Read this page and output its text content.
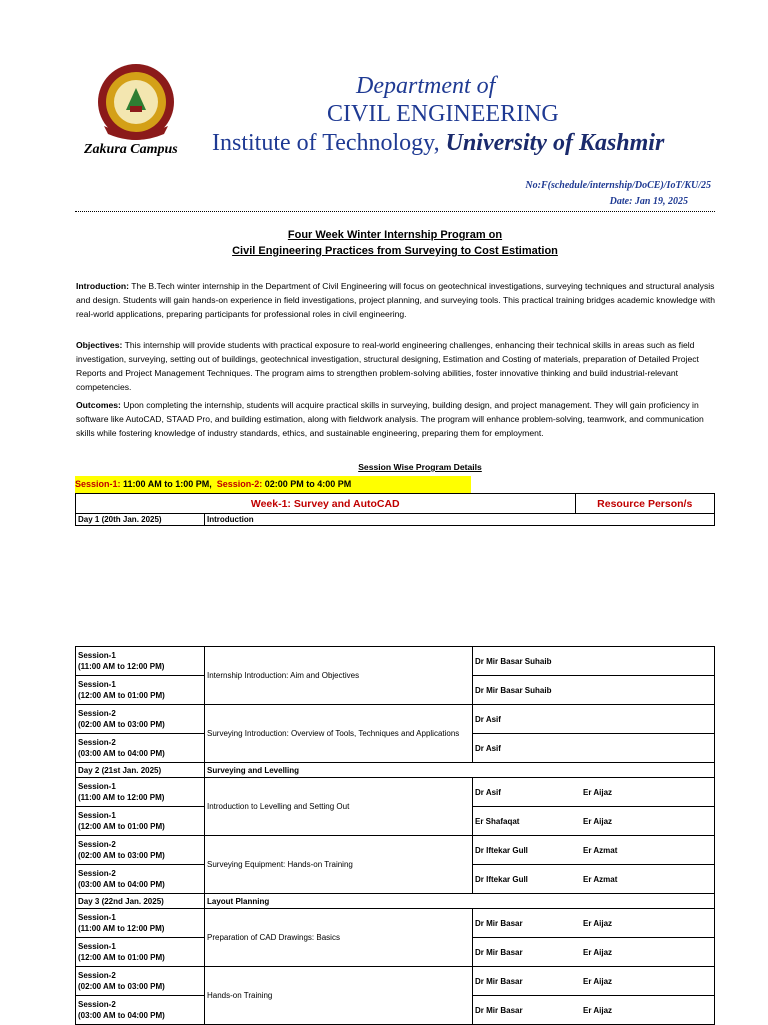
Zakura Campus
Department of
CIVIL ENGINEERING
Institute of Technology, University of Kashmir
No:F(schedule/internship/DoCE)/IoT/KU/25
Date: Jan 19, 2025
Four Week Winter Internship Program on
Civil Engineering Practices from Surveying to Cost Estimation
Introduction: The B.Tech winter internship in the Department of Civil Engineering will focus on geotechnical investigations, surveying techniques and structural analysis and design. Students will gain hands-on experience in field investigations, project planning, and surveying tools. This practical training bridges academic knowledge with real-world applications, preparing participants for professional roles in civil engineering.
Objectives: This internship will provide students with practical exposure to real-world engineering challenges, enhancing their technical skills in areas such as field investigation, surveying, setting out of buildings, geotechnical investigation, structural designing, Estimation and Costing of materials, preparation of Detailed Project Reports and Project Management Techniques. The program aims to strengthen problem-solving abilities, foster innovative thinking and build industrial-relevant competencies.
Outcomes: Upon completing the internship, students will acquire practical skills in surveying, building design, and project management. They will gain proficiency in software like AutoCAD, STAAD Pro, and building estimation, along with fieldwork analysis. The program will enhance problem-solving, teamwork, and communication skills while fostering knowledge of industry standards, ethics, and sustainable engineering, preparing them for employment.
Session Wise Program Details
Session-1: 11:00 AM to 1:00 PM, Session-2: 02:00 PM to 4:00 PM
Week-1: Survey and AutoCAD		Resource Person/s
Day 1 (20th Jan. 2025)	Introduction	
Session-1
(11:00 AM to 12:00 PM)	Internship Introduction: Aim and Objectives	Dr Mir Basar Suhaib
Session-1
(12:00 AM to 01:00 PM)		Dr Mir Basar Suhaib
Session-2
(02:00 AM to 03:00 PM)	Surveying Introduction: Overview of Tools, Techniques and Applications	Dr Asif
Session-2
(03:00 AM to 04:00 PM)		Dr Asif
Day 2 (21st Jan. 2025)	Surveying and Levelling	
Session-1
(11:00 AM to 12:00 PM)	Introduction to Levelling and Setting Out	Dr Asif Er Aijaz
Session-1
(12:00 AM to 01:00 PM)		Er Shafaqat Er Aijaz
Session-2
(02:00 AM to 03:00 PM)	Surveying Equipment: Hands-on Training	Dr Iftekar Gull Er Azmat
Session-2
(03:00 AM to 04:00 PM)		Dr Iftekar Gull Er Azmat
Day 3 (22nd Jan. 2025)	Layout Planning	
Session-1
(11:00 AM to 12:00 PM)	Preparation of CAD Drawings: Basics	Dr Mir Basar Er Aijaz
Session-1
(12:00 AM to 01:00 PM)		Dr Mir Basar Er Aijaz
Session-2
(02:00 AM to 03:00 PM)	Hands-on Training	Dr Mir Basar Er Aijaz
Session-2
(03:00 AM to 04:00 PM)		Dr Mir Basar Er Aijaz
